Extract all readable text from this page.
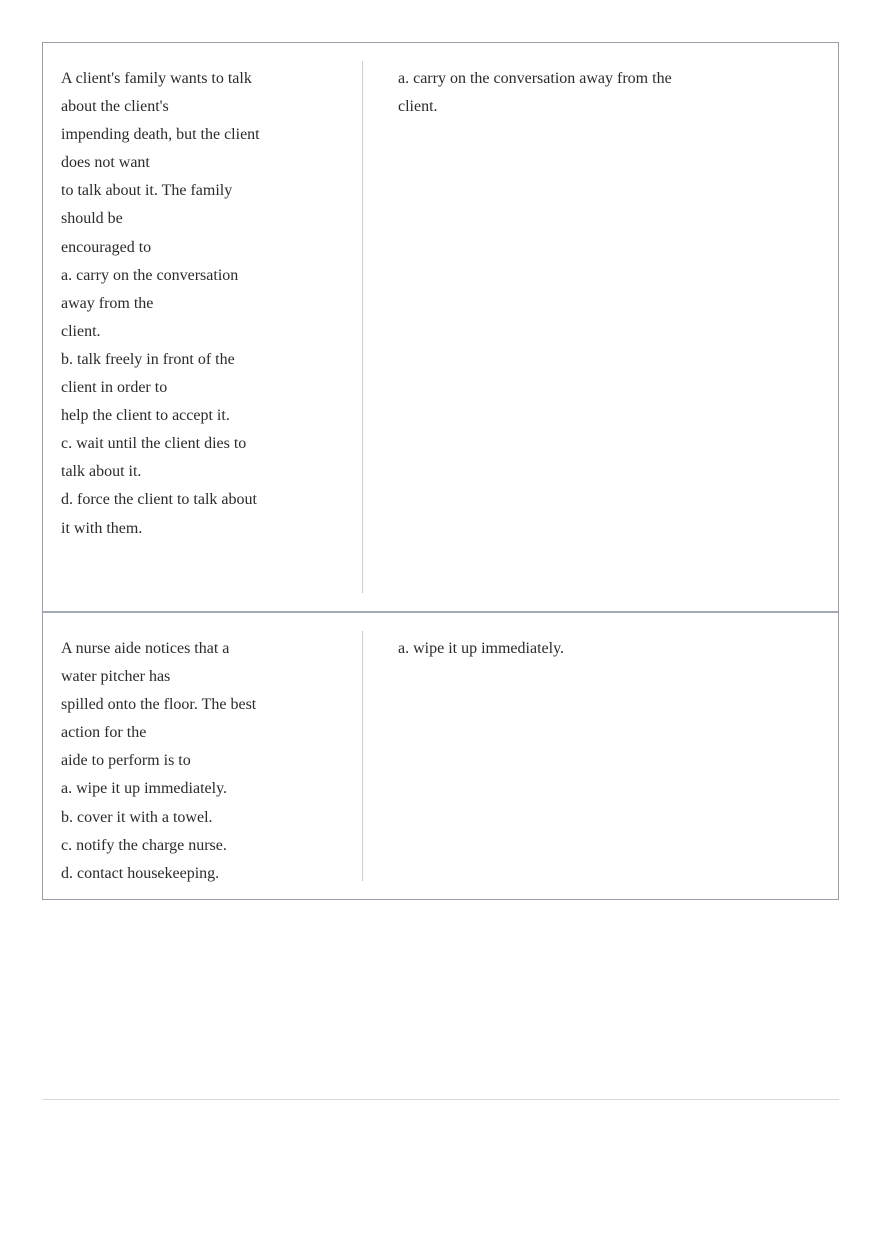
A client's family wants to talk
about the client's
impending death, but the client
does not want
to talk about it. The family
should be
encouraged to
a. carry on the conversation
away from the
client.
b. talk freely in front of the
client in order to
help the client to accept it.
c. wait until the client dies to
talk about it.
d. force the client to talk about
it with them.
a. carry on the conversation away from the
client.
A nurse aide notices that a
water pitcher has
spilled onto the floor. The best
action for the
aide to perform is to
a. wipe it up immediately.
b. cover it with a towel.
c. notify the charge nurse.
d. contact housekeeping.
a. wipe it up immediately.
